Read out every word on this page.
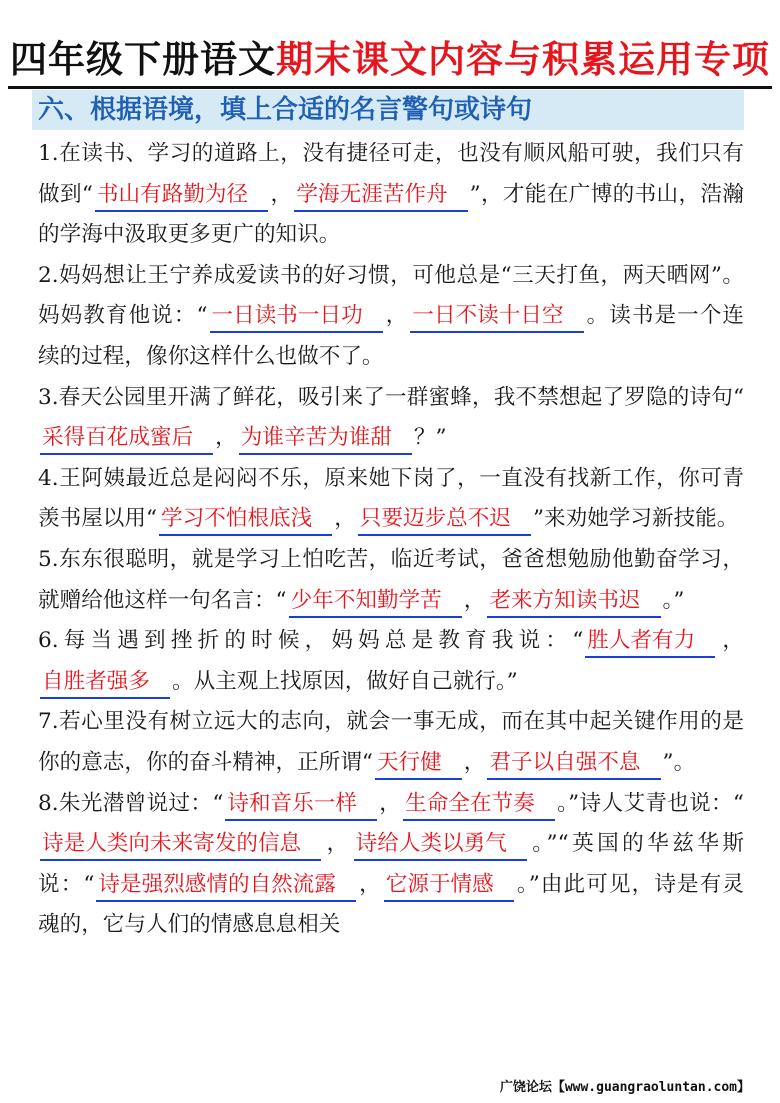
四年级下册语文期末课文内容与积累运用专项
六、根据语境，填上合适的名言警句或诗句
1.在读书、学习的道路上，没有捷径可走，也没有顺风船可驶，我们只有做到“ 书山有路勤为径 ， 学海无涯苦作舟 ”，才能在广博的书山，浩瀚的学海中汲取更多更广的知识。
2.妈妈想让王宁养成爱读书的好习惯，可他总是“三天打鱼，两天晒网”。妈妈教育他说：“ 一日读书一日功 ， 一日不读十日空 。读书是一个连续的过程，像你这样什么也做不了。
3.春天公园里开满了鲜花，吸引来了一群蜜蜂，我不禁想起了罗隐的诗句“采得百花成蜜后 ， 为谁辛苦为谁甜 ？”
4.王阿姨最近总是闷闷不乐，原来她下岗了，一直没有找新工作，你可青羡书屋以用“ 学习不怕根底浅 ， 只要迈步总不迟 ”来劝她学习新技能。
5.东东很聪明，就是学习上怕吃苦，临近考试，爸爸想勉励他勤奋学习，就赠给他这样一句名言：“ 少年不知勤学苦 ， 老来方知读书迟 。”
6.每当遇到挫折的时候，妈妈总是教育我说：“ 胜人者有力 ，自胜者强多 。从主观上找原因，做好自己就行。”
7.若心里没有树立远大的志向，就会一事无成，而在其中起关键作用的是你的意志，你的奋斗精神，正所谓“ 天行健 ， 君子以自强不息 ”。
8.朱光潜曾说过：“ 诗和音乐一样 ， 生命全在节奏 。”诗人艾青也说：“诗是人类向未来寄发的信息 ， 诗给人类以勇气 。”“英国的华兹华斯说：“ 诗是强烈感情的自然流露 ， 它源于情感 。”由此可见，诗是有灵魂的，它与人们的情感息息相关
广饶论坛【www.guangraoluntan.com】
